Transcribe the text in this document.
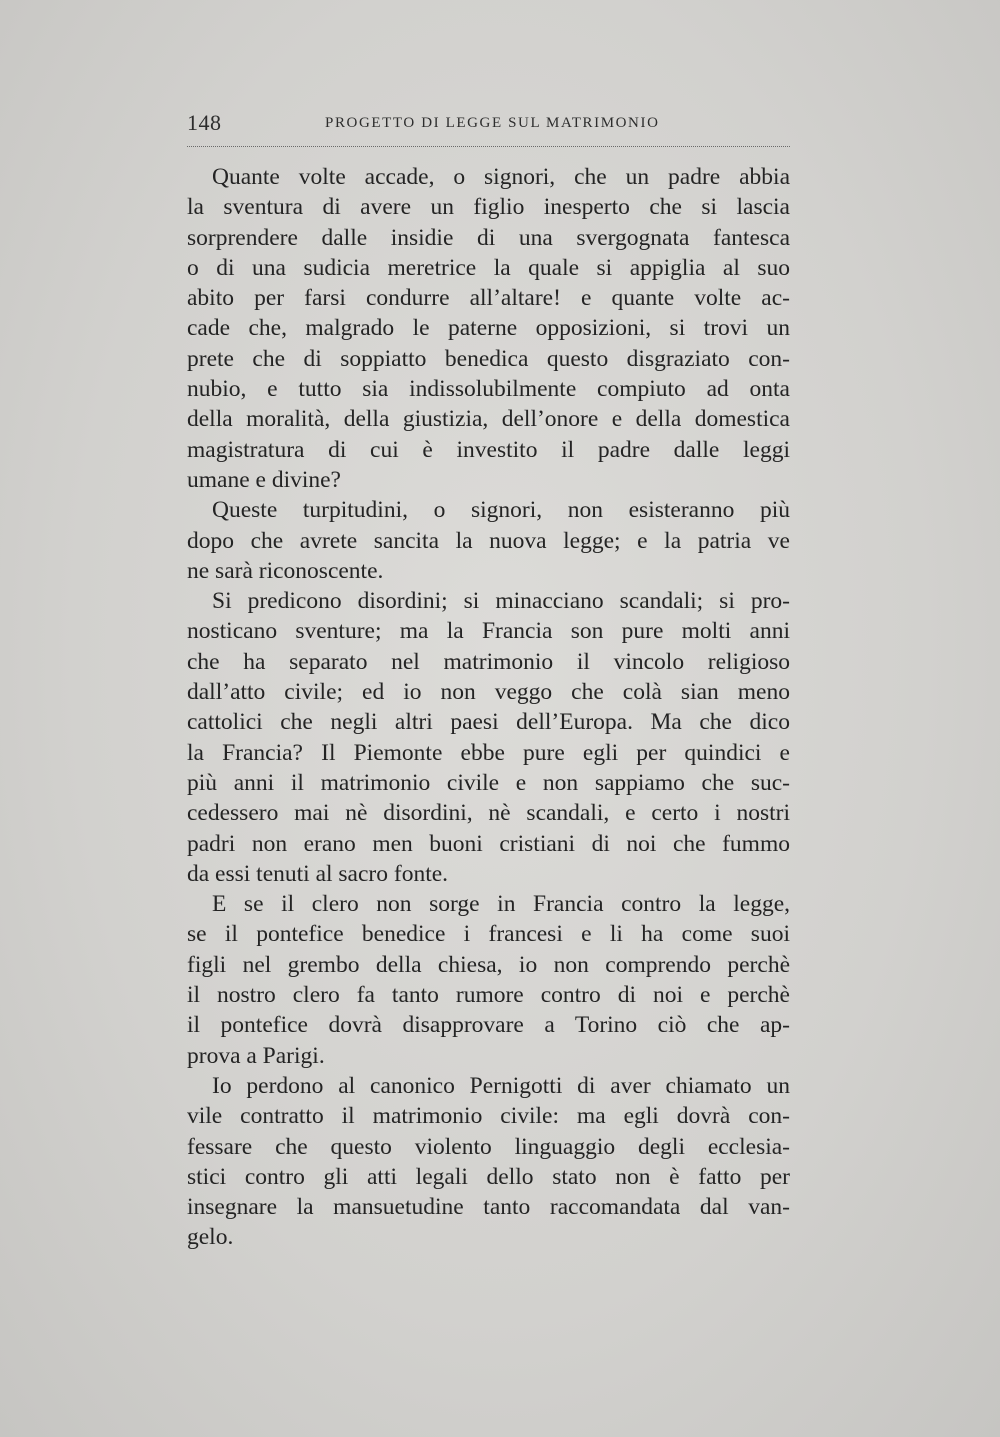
148	PROGETTO DI LEGGE SUL MATRIMONIO
Quante volte accade, o signori, che un padre abbia
la sventura di avere un figlio inesperto che si lascia
sorprendere dalle insidie di una svergognata fantesca
o di una sudicia meretrice la quale si appiglia al suo
abito per farsi condurre all’altare! e quante volte ac-
cade che, malgrado le paterne opposizioni, si trovi un
prete che di soppiatto benedica questo disgraziato con-
nubio, e tutto sia indissolubilmente compiuto ad onta
della moralità, della giustizia, dell’onore e della domestica
magistratura di cui è investito il padre dalle leggi
umane e divine?
Queste turpitudini, o signori, non esisteranno più
dopo che avrete sancita la nuova legge; e la patria ve
ne sarà riconoscente.
Si predicono disordini; si minacciano scandali; si pro-
nosticano sventure; ma la Francia son pure molti anni
che ha separato nel matrimonio il vincolo religioso
dall’atto civile; ed io non veggo che colà sian meno
cattolici che negli altri paesi dell’Europa. Ma che dico
la Francia? Il Piemonte ebbe pure egli per quindici e
più anni il matrimonio civile e non sappiamo che suc-
cedessero mai nè disordini, nè scandali, e certo i nostri
padri non erano men buoni cristiani di noi che fummo
da essi tenuti al sacro fonte.
E se il clero non sorge in Francia contro la legge,
se il pontefice benedice i francesi e li ha come suoi
figli nel grembo della chiesa, io non comprendo perchè
il nostro clero fa tanto rumore contro di noi e perchè
il pontefice dovrà disapprovare a Torino ciò che ap-
prova a Parigi.
Io perdono al canonico Pernigotti di aver chiamato un
vile contratto il matrimonio civile: ma egli dovrà con-
fessare che questo violento linguaggio degli ecclesia-
stici contro gli atti legali dello stato non è fatto per
insegnare la mansuetudine tanto raccomandata dal van-
gelo.
